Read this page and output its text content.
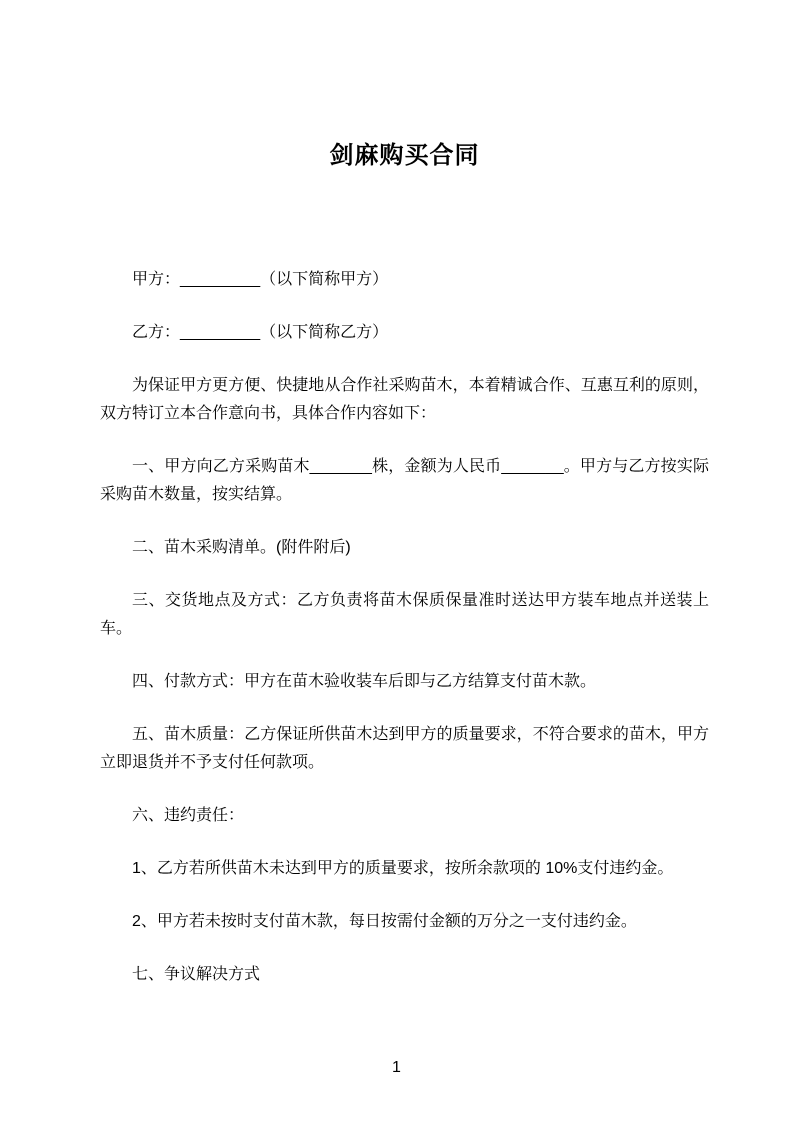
剑麻购买合同

甲方：_________（以下简称甲方）

乙方：_________（以下简称乙方）

为保证甲方更方便、快捷地从合作社采购苗木，本着精诚合作、互惠互利的原则，双方特订立本合作意向书，具体合作内容如下：

一、甲方向乙方采购苗木_______株，金额为人民币_______。甲方与乙方按实际采购苗木数量，按实结算。

二、苗木采购清单。(附件附后)

三、交货地点及方式：乙方负责将苗木保质保量准时送达甲方装车地点并送装上车。

四、付款方式：甲方在苗木验收装车后即与乙方结算支付苗木款。

五、苗木质量：乙方保证所供苗木达到甲方的质量要求，不符合要求的苗木，甲方立即退货并不予支付任何款项。

六、违约责任：

1、乙方若所供苗木未达到甲方的质量要求，按所余款项的 10%支付违约金。

2、甲方若未按时支付苗木款，每日按需付金额的万分之一支付违约金。

七、争议解决方式

1
